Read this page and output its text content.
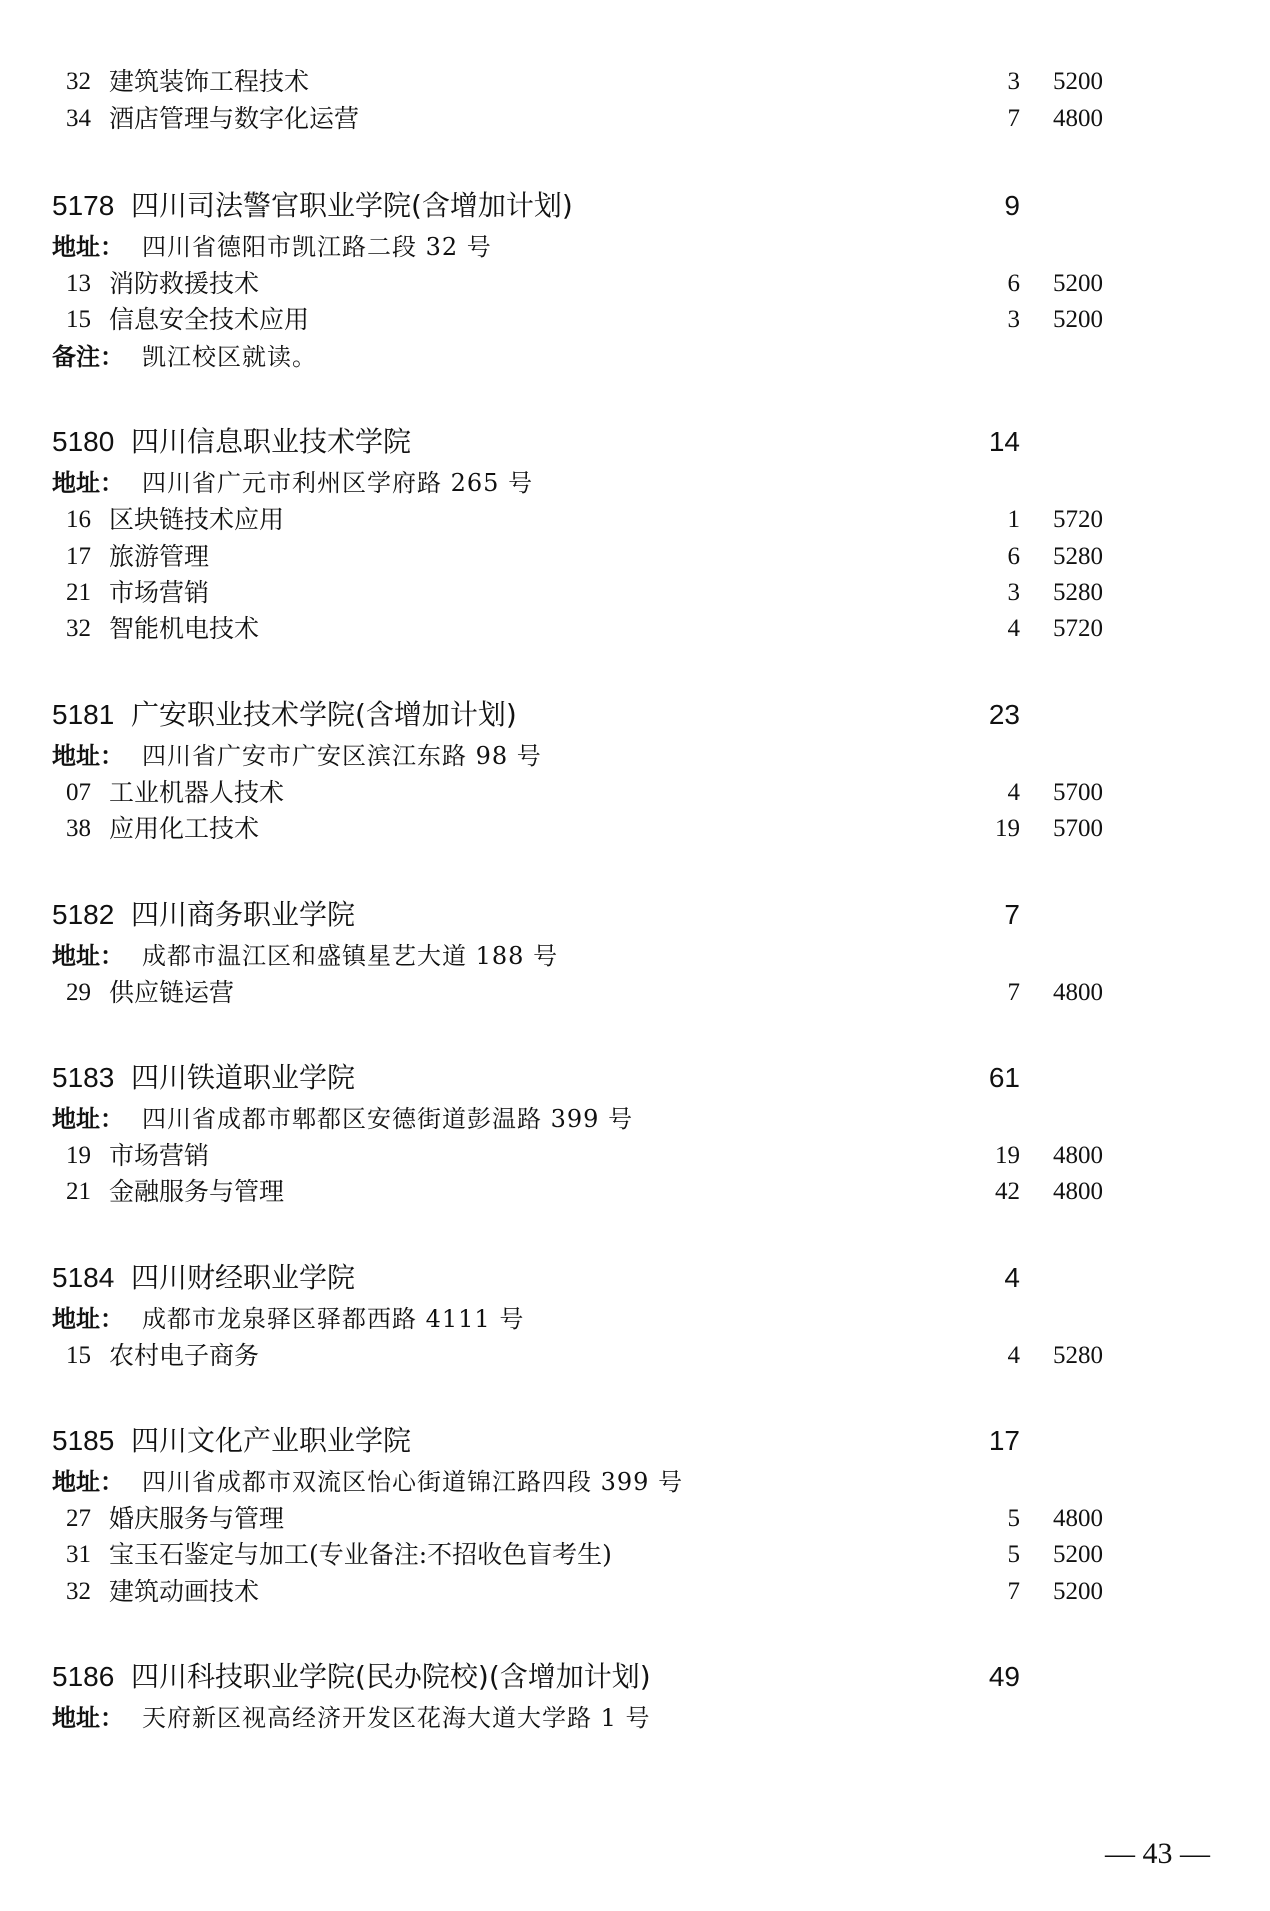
32 建筑装饰工程技术	3 5200
34 酒店管理与数字化运营	7 4800
5178 四川司法警官职业学院(含增加计划)	9
地址： 四川省德阳市凯江路二段 32 号
13 消防救援技术	6 5200
15 信息安全技术应用	3 5200
备注： 凯江校区就读。
5180 四川信息职业技术学院	14
地址： 四川省广元市利州区学府路 265 号
16 区块链技术应用	1 5720
17 旅游管理	6 5280
21 市场营销	3 5280
32 智能机电技术	4 5720
5181 广安职业技术学院(含增加计划)	23
地址： 四川省广安市广安区滨江东路 98 号
07 工业机器人技术	4 5700
38 应用化工技术	19 5700
5182 四川商务职业学院	7
地址： 成都市温江区和盛镇星艺大道 188 号
29 供应链运营	7 4800
5183 四川铁道职业学院	61
地址： 四川省成都市郫都区安德街道彭温路 399 号
19 市场营销	19 4800
21 金融服务与管理	42 4800
5184 四川财经职业学院	4
地址： 成都市龙泉驿区驿都西路 4111 号
15 农村电子商务	4 5280
5185 四川文化产业职业学院	17
地址： 四川省成都市双流区怡心街道锦江路四段 399 号
27 婚庆服务与管理	5 4800
31 宝玉石鉴定与加工(专业备注:不招收色盲考生)	5 5200
32 建筑动画技术	7 5200
5186 四川科技职业学院(民办院校)(含增加计划)	49
地址： 天府新区视高经济开发区花海大道大学路 1 号
— 43 —
